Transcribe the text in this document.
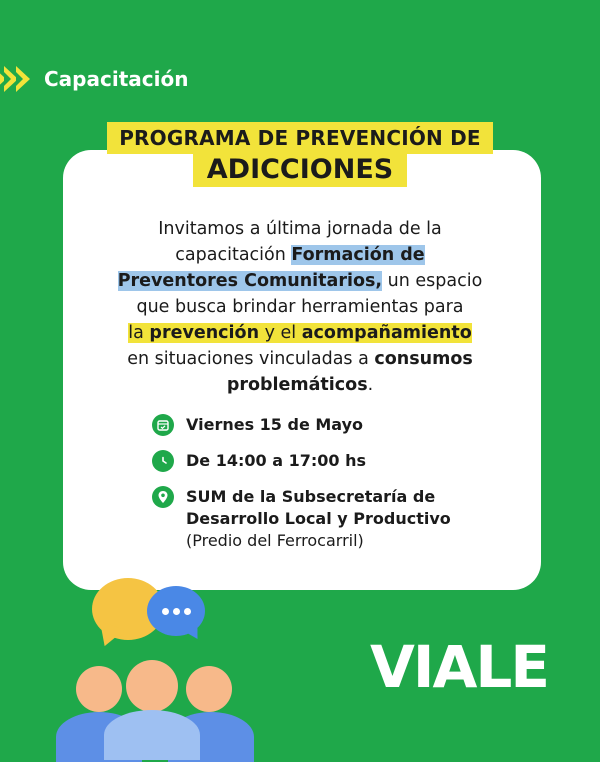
Capacitación
PROGRAMA DE PREVENCIÓN DE
ADICCIONES
Invitamos a última jornada de la
capacitación Formación de
Preventores Comunitarios, un espacio
que busca brindar herramientas para
la prevención y el acompañamiento
en situaciones vinculadas a consumos
problemáticos.
Viernes 15 de Mayo
De 14:00 a 17:00 hs
SUM de la Subsecretaría de
Desarrollo Local y Productivo
(Predio del Ferrocarril)
VIALE
